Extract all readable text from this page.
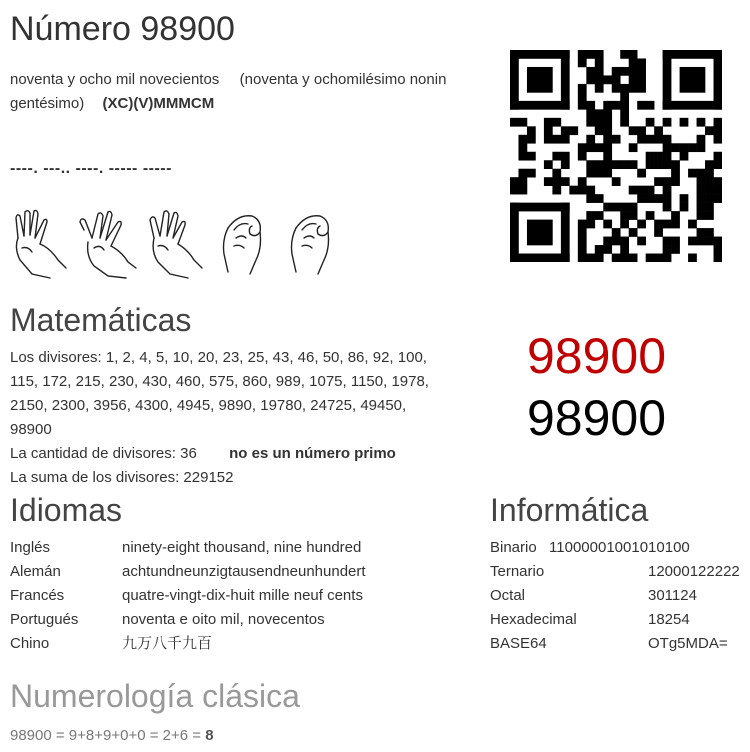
Número 98900
noventa y ocho mil novecientos (noventa y ochomilésimo nonin
gentésimo) (XC)(V)MMMCM
----. ---.. ----. ----- -----
Matemáticas
Los divisores: 1, 2, 4, 5, 10, 20, 23, 25, 43, 46, 50, 86, 92, 100,
115, 172, 215, 230, 430, 460, 575, 860, 989, 1075, 1150, 1978,
2150, 2300, 3956, 4300, 4945, 9890, 19780, 24725, 49450,
98900
La cantidad de divisores: 36 no es un número primo
La suma de los divisores: 229152
98900
98900
Idiomas
Inglés	ninety-eight thousand, nine hundred
Alemán	achtundneunzigtausendneunhundert
Francés	quatre-vingt-dix-huit mille neuf cents
Portugués	noventa e oito mil, novecentos
Chino	九万八千九百
Informática
Binario 11000001001010100
Ternario	12000122222
Octal	301124
Hexadecimal	18254
BASE64	OTg5MDA=
Numerología clásica
98900 = 9+8+9+0+0 = 2+6 = 8
